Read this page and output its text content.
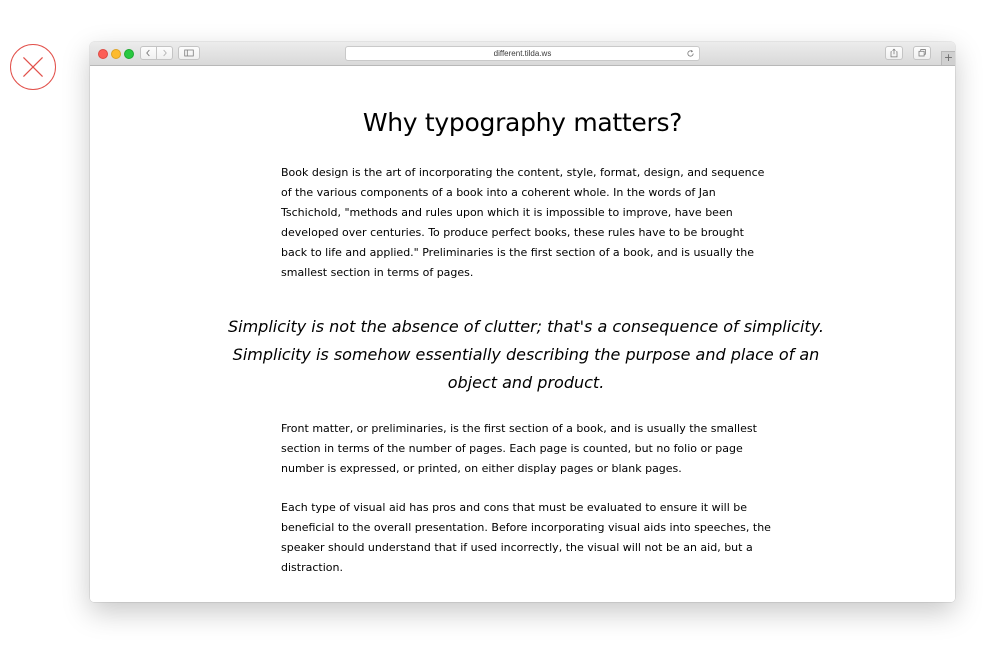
different.tilda.ws	+
Why typography matters?

Book design is the art of incorporating the content, style, format, design, and sequence of the various components of a book into a coherent whole. In the words of Jan Tschichold, "methods and rules upon which it is impossible to improve, have been developed over centuries. To produce perfect books, these rules have to be brought back to life and applied." Preliminaries is the first section of a book, and is usually the smallest section in terms of pages.

Simplicity is not the absence of clutter; that's a consequence of simplicity. Simplicity is somehow essentially describing the purpose and place of an object and product.

Front matter, or preliminaries, is the first section of a book, and is usually the smallest section in terms of the number of pages. Each page is counted, but no folio or page number is expressed, or printed, on either display pages or blank pages.

Each type of visual aid has pros and cons that must be evaluated to ensure it will be beneficial to the overall presentation. Before incorporating visual aids into speeches, the speaker should understand that if used incorrectly, the visual will not be an aid, but a distraction.
